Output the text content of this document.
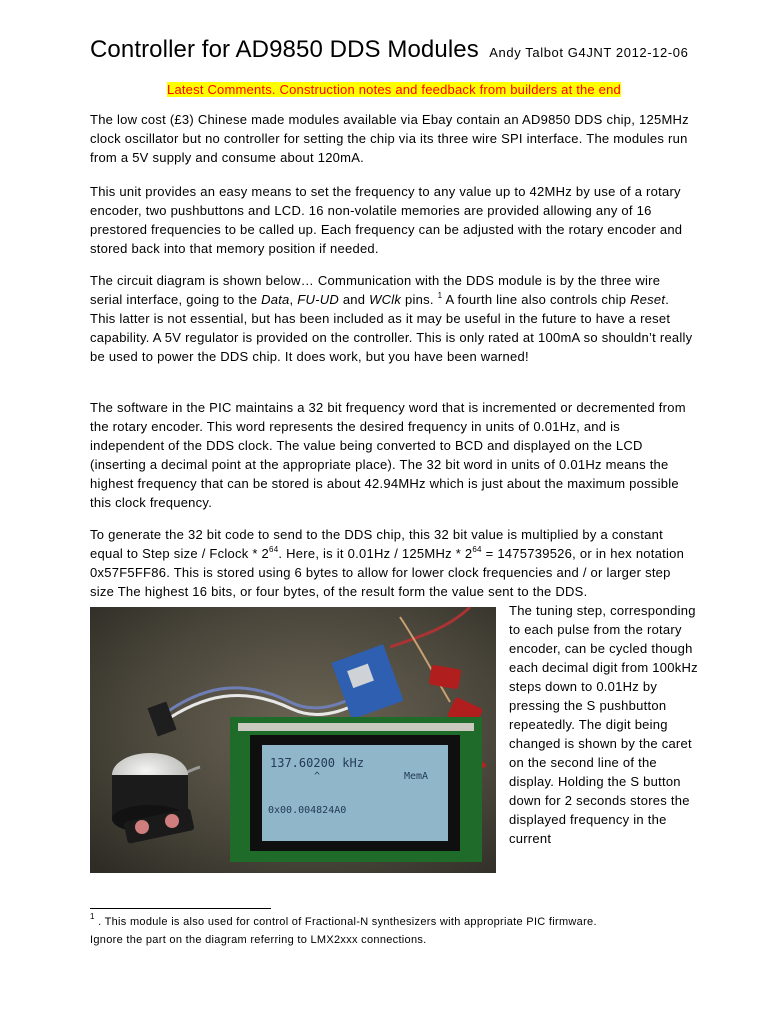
Controller for AD9850 DDS Modules Andy Talbot G4JNT 2012-12-06
Latest Comments. Construction notes and feedback from builders at the end

The low cost (£3) Chinese made modules available via Ebay contain an AD9850 DDS chip, 125MHz clock oscillator but no controller for setting the chip via its three wire SPI interface. The modules run from a 5V supply and consume about 120mA.

This unit provides an easy means to set the frequency to any value up to 42MHz by use of a rotary encoder, two pushbuttons and LCD. 16 non-volatile memories are provided allowing any of 16 prestored frequencies to be called up. Each frequency can be adjusted with the rotary encoder and stored back into that memory position if needed.

The circuit diagram is shown below… Communication with the DDS module is by the three wire serial interface, going to the Data, FU-UD and WClk pins. $^1$ A fourth line also controls chip Reset. This latter is not essential, but has been included as it may be useful in the future to have a reset capability. A 5V regulator is provided on the controller. This is only rated at 100mA so shouldn’t really be used to power the DDS chip. It does work, but you have been warned!

The software in the PIC maintains a 32 bit frequency word that is incremented or decremented from the rotary encoder. This word represents the desired frequency in units of 0.01Hz, and is independent of the DDS clock. The value being converted to BCD and displayed on the LCD (inserting a decimal point at the appropriate place). The 32 bit word in units of 0.01Hz means the highest frequency that can be stored is about 42.94MHz which is just about the maximum possible this clock frequency.

To generate the 32 bit code to send to the DDS chip, this 32 bit value is multiplied by a constant equal to Step size / Fclock * $2^{64}$. Here, is it $0.01Hz / 125MHz * 2^{64} = 1475739526$, or in hex notation 0x57F5FF86. This is stored using 6 bytes to allow for lower clock frequencies and / or larger step size The highest 16 bits, or four bytes, of the result form the value sent to the DDS.

137.60200 kHz
^	MemA
0x00.004824A0

The tuning step, corresponding to each pulse from the rotary encoder, can be cycled though each decimal digit from 100kHz steps down to 0.01Hz by pressing the S pushbutton repeatedly. The digit being changed is shown by the caret on the second line of the display. Holding the S button down for 2 seconds stores the displayed frequency in the current

$^1$ . This module is also used for control of Fractional-N synthesizers with appropriate PIC firmware.
Ignore the part on the diagram referring to LMX2xxx connections.
